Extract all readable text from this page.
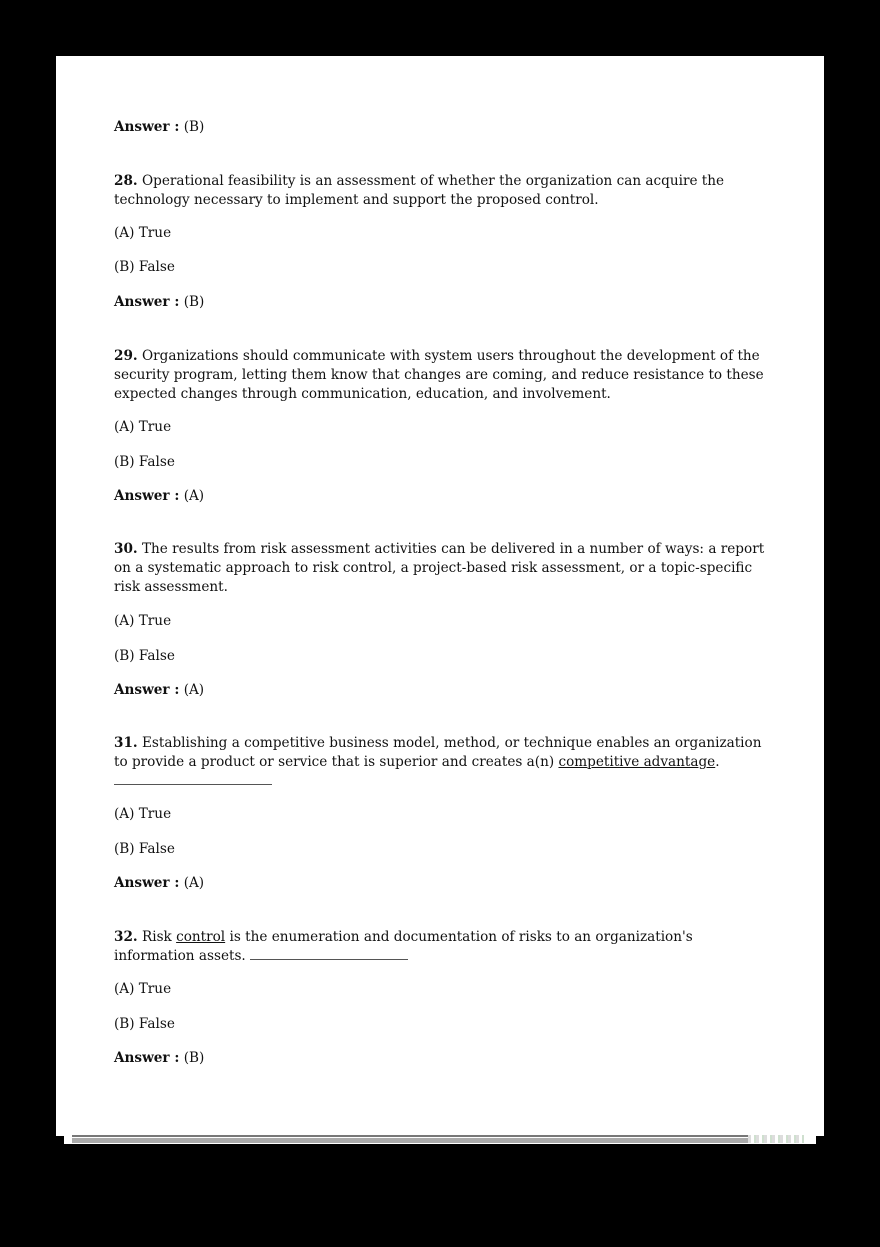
Answer : (B)
28. Operational feasibility is an assessment of whether the organization can acquire the technology necessary to implement and support the proposed control.
(A) True
(B) False
Answer : (B)
29. Organizations should communicate with system users throughout the development of the security program, letting them know that changes are coming, and reduce resistance to these expected changes through communication, education, and involvement.
(A) True
(B) False
Answer : (A)
30. The results from risk assessment activities can be delivered in a number of ways: a report on a systematic approach to risk control, a project-based risk assessment, or a topic-specific risk assessment.
(A) True
(B) False
Answer : (A)
31. Establishing a competitive business model, method, or technique enables an organization to provide a product or service that is superior and creates a(n) competitive advantage.

(A) True
(B) False
Answer : (A)
32. Risk control is the enumeration and documentation of risks to an organization's information assets.
(A) True
(B) False
Answer : (B)
